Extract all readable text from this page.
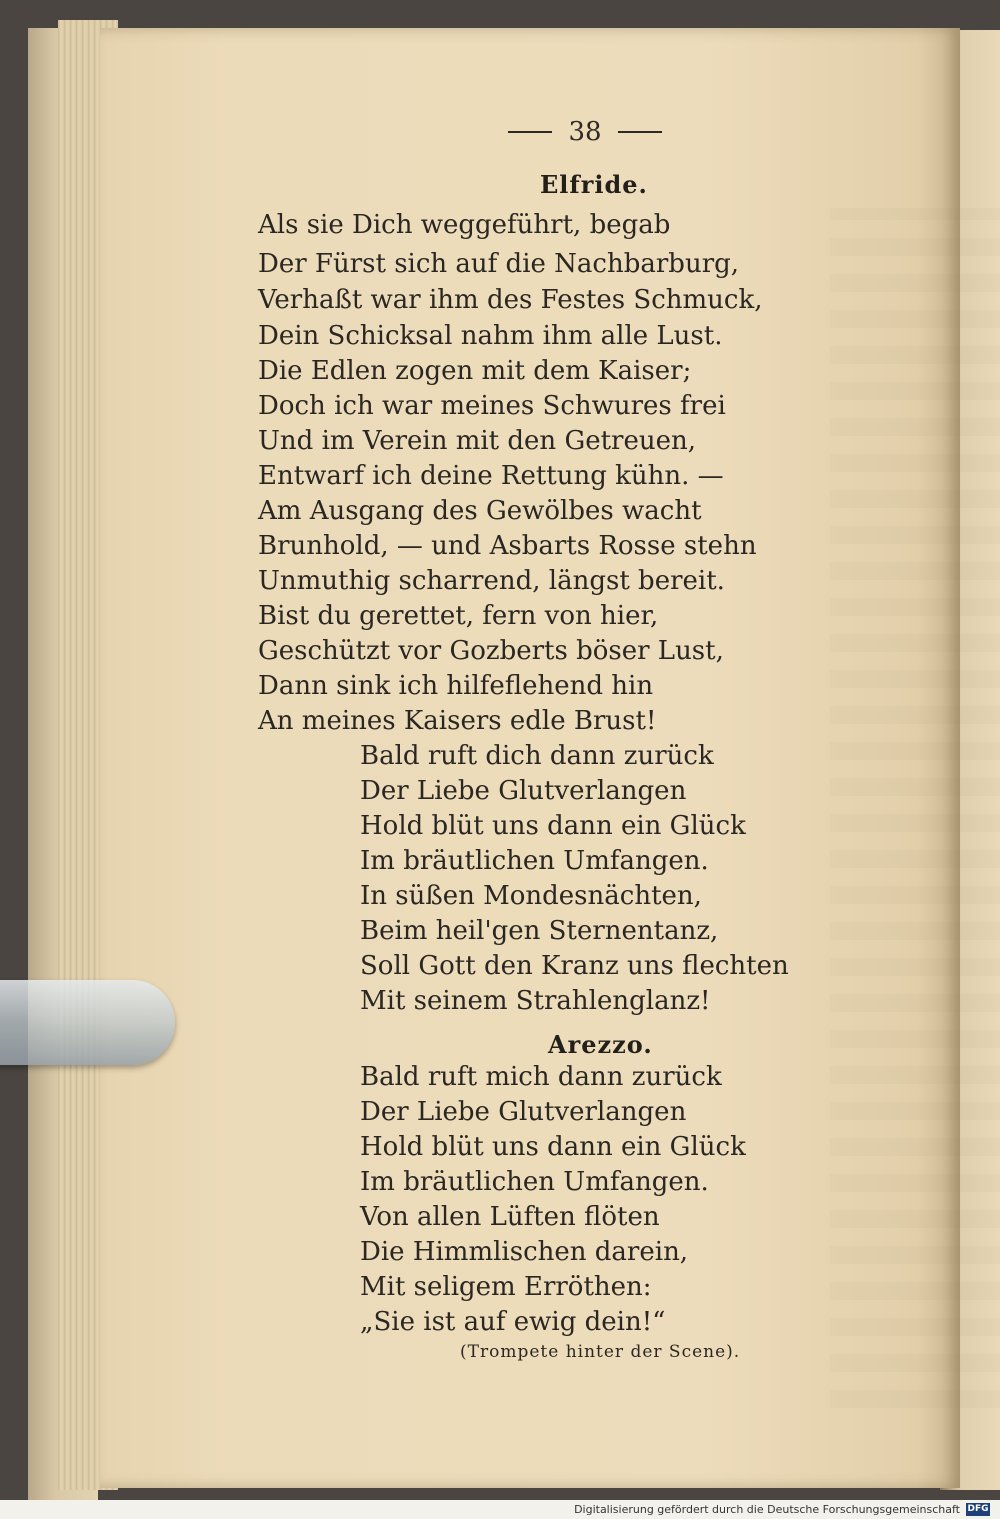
38
Elfride.
Als sie Dich weggeführt, begab
Der Fürst sich auf die Nachbarburg,
Verhaßt war ihm des Festes Schmuck,
Dein Schicksal nahm ihm alle Lust.
Die Edlen zogen mit dem Kaiser;
Doch ich war meines Schwures frei
Und im Verein mit den Getreuen,
Entwarf ich deine Rettung kühn. —
Am Ausgang des Gewölbes wacht
Brunhold, — und Asbarts Rosse stehn
Unmuthig scharrend, längst bereit.
Bist du gerettet, fern von hier,
Geschützt vor Gozberts böser Lust,
Dann sink ich hilfeflehend hin
An meines Kaisers edle Brust!
Bald ruft dich dann zurück
Der Liebe Glutverlangen
Hold blüt uns dann ein Glück
Im bräutlichen Umfangen.
In süßen Mondesnächten,
Beim heil'gen Sternentanz,
Soll Gott den Kranz uns flechten
Mit seinem Strahlenglanz!
Arezzo.
Bald ruft mich dann zurück
Der Liebe Glutverlangen
Hold blüt uns dann ein Glück
Im bräutlichen Umfangen.
Von allen Lüften flöten
Die Himmlischen darein,
Mit seligem Erröthen:
„Sie ist auf ewig dein!“
(Trompete hinter der Scene).
Digitalisierung gefördert durch die Deutsche Forschungsgemeinschaft DFG
